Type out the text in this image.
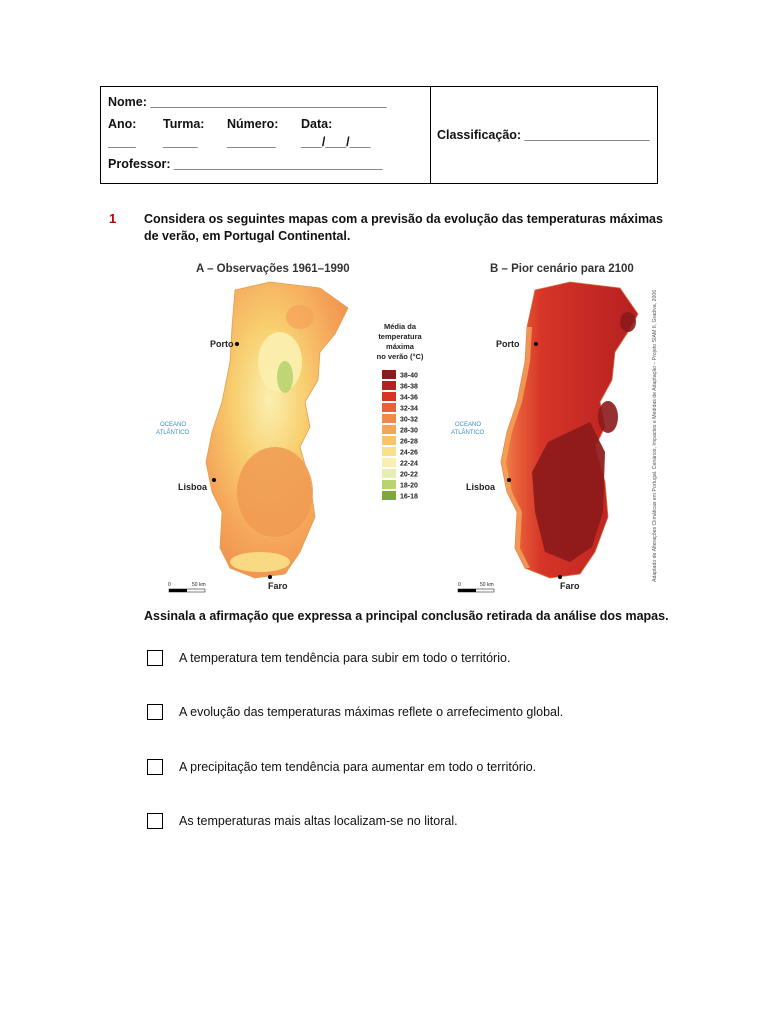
Nome: __________________________________
Ano:	Turma:	Número:	Data:
____	_____	_______	___/___/___
Professor: ______________________________
Classificação: __________________
1 Considera os seguintes mapas com a previsão da evolução das temperaturas máximas de verão, em Portugal Continental.
A – Observações 1961–1990
Porto
Lisboa
Faro
OCEANO
ATLÂNTICO
0	50 km
Média da
temperatura
máxima
no verão (°C)
38-40
36-38
34-36
32-34
30-32
28-30
26-28
24-26
22-24
20-22
18-20
16-18
B – Pior cenário para 2100
Porto
Lisboa
Faro
OCEANO
ATLÂNTICO
0	50 km
Adaptado de Alterações Climáticas em Portugal. Cenários, Impactes e Medidas de Adaptação – Projeto SIAM II, Gradiva, 2006
Assinala a afirmação que expressa a principal conclusão retirada da análise dos mapas.
A temperatura tem tendência para subir em todo o território.
A evolução das temperaturas máximas reflete o arrefecimento global.
A precipitação tem tendência para aumentar em todo o território.
As temperaturas mais altas localizam-se no litoral.
